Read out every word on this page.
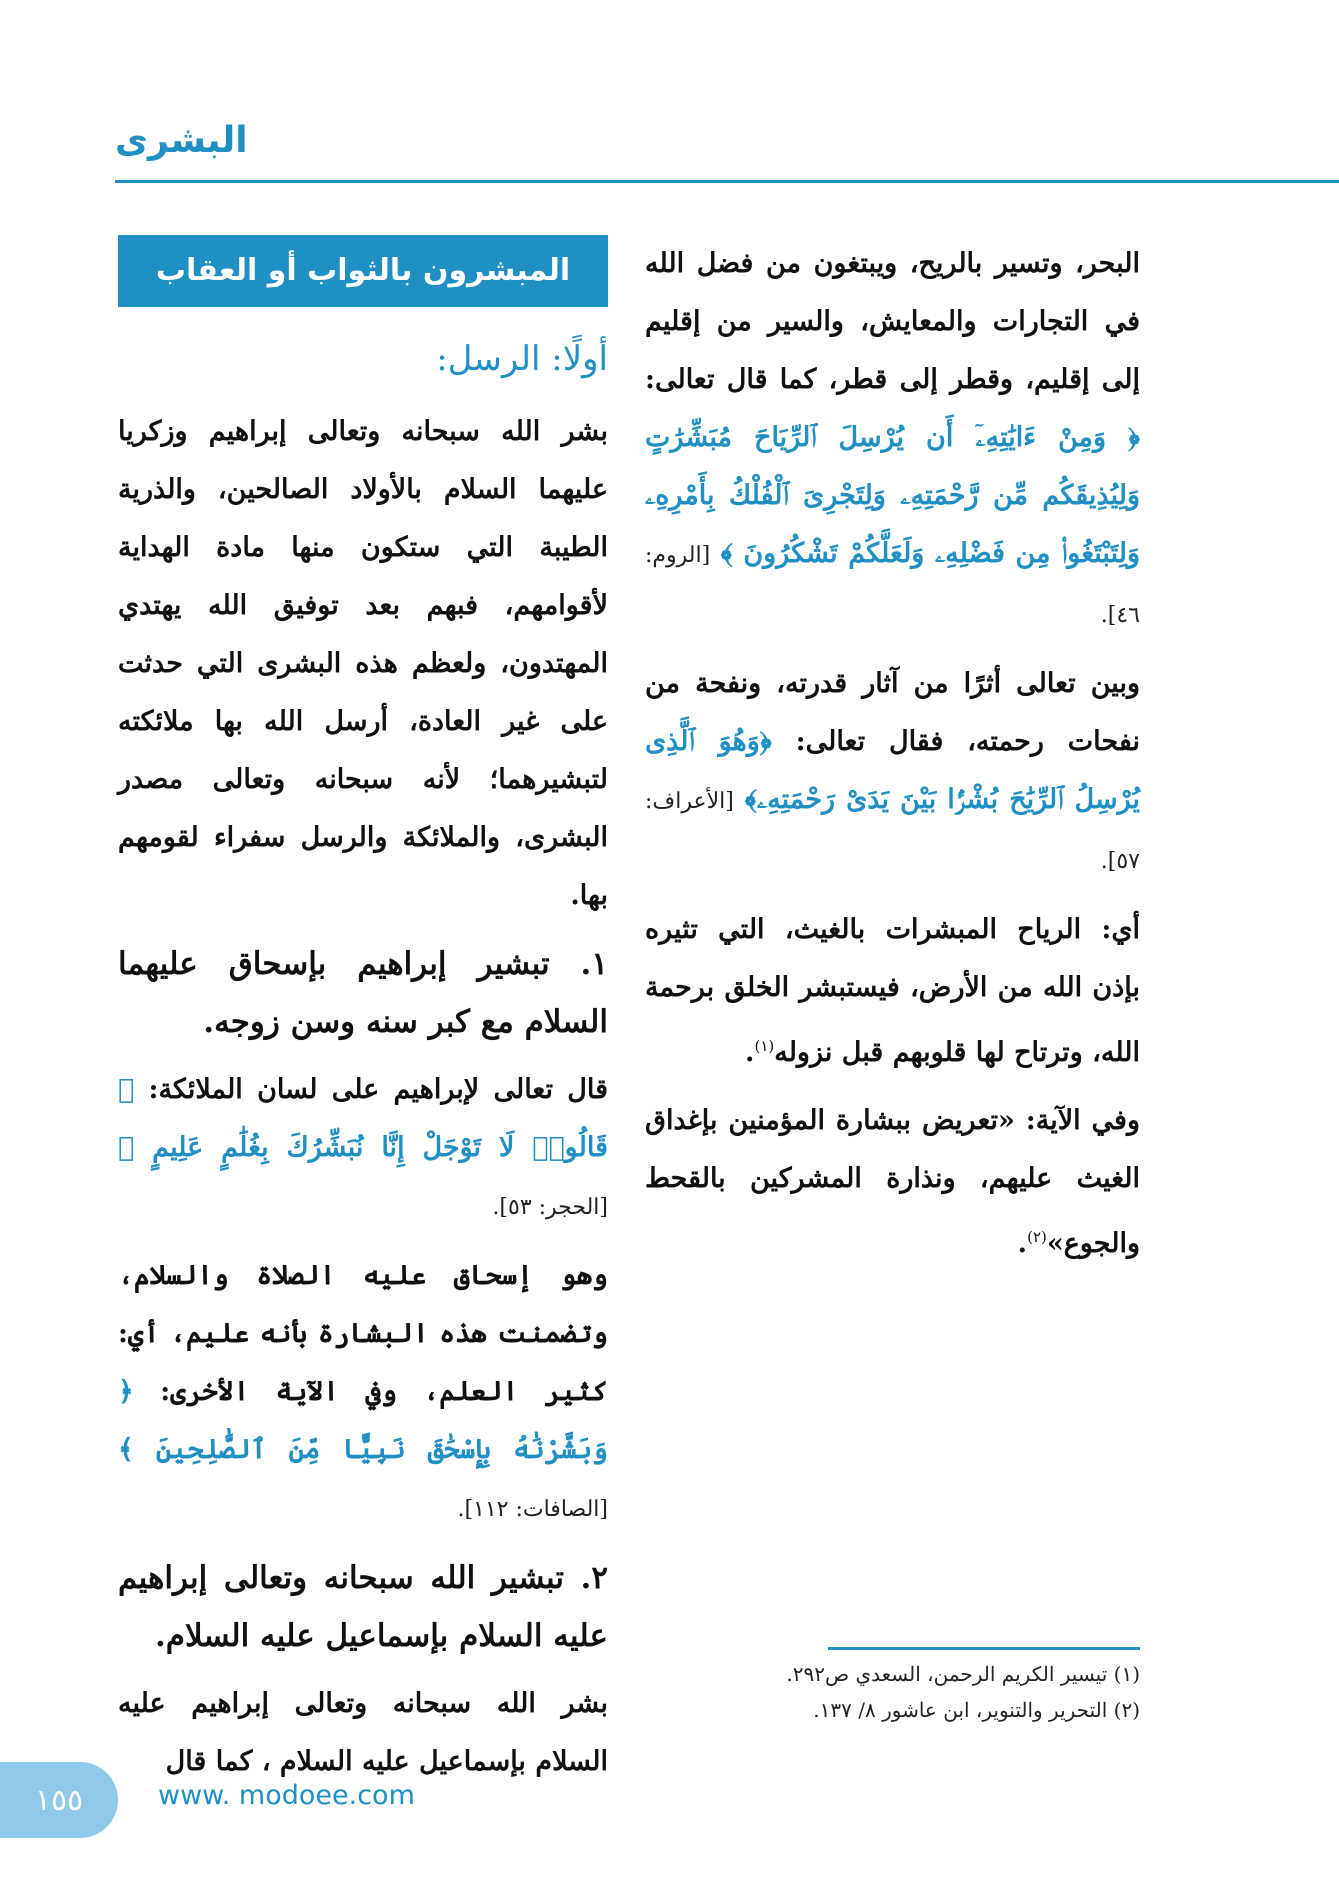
البشرى

البحر، وتسير بالريح، ويبتغون من فضل الله في التجارات والمعايش، والسير من إقليم إلى إقليم، وقطر إلى قطر، كما قال تعالى: ﴿ وَمِنْ ءَايَٰتِهِۦٓ أَن يُرْسِلَ ٱلرِّيَاحَ مُبَشِّرَٰتٍ وَلِيُذِيقَكُم مِّن رَّحْمَتِهِۦ وَلِتَجْرِىَ ٱلْفُلْكُ بِأَمْرِهِۦ وَلِتَبْتَغُوا۟ مِن فَضْلِهِۦ وَلَعَلَّكُمْ تَشْكُرُونَ ﴾ [الروم: ٤٦].

وبين تعالى أثرًا من آثار قدرته، ونفحة من نفحات رحمته، فقال تعالى: ﴿وَهُوَ ٱلَّذِى يُرْسِلُ ٱلرِّيَٰحَ بُشْرًۢا بَيْنَ يَدَىْ رَحْمَتِهِۦ﴾ [الأعراف: ٥٧].

أي: الرياح المبشرات بالغيث، التي تثيره بإذن الله من الأرض، فيستبشر الخلق برحمة الله، وترتاح لها قلوبهم قبل نزوله$^{(١)}$.

وفي الآية: «تعريض ببشارة المؤمنين بإغداق الغيث عليهم، ونذارة المشركين بالقحط والجوع»$^{(٢)}$.

المبشرون بالثواب أو العقاب
أولًا: الرسل:

بشر الله سبحانه وتعالى إبراهيم وزكريا عليهما السلام بالأولاد الصالحين، والذرية الطيبة التي ستكون منها مادة الهداية لأقوامهم، فبهم بعد توفيق الله يهتدي المهتدون، ولعظم هذه البشرى التي حدثت على غير العادة، أرسل الله بها ملائكته لتبشيرهما؛ لأنه سبحانه وتعالى مصدر البشرى، والملائكة والرسل سفراء لقومهم بها.

١. تبشير إبراهيم بإسحاق عليهما السلام مع كبر سنه وسن زوجه.

قال تعالى لإبراهيم على لسان الملائكة: ﴿ قَالُوا۟ لَا تَوْجَلْ إِنَّا نُبَشِّرُكَ بِغُلَٰمٍ عَلِيمٍ ﴾ [الحجر: ٥٣].

وهو إسحاق عليه الصلاة والسلام، وتضمنت هذه البشارة بأنه عليم، أي: كثير العلم، وفي الآية الأخرى: ﴿ وَبَشَّرْنَٰهُ بِإِسْحَٰقَ نَبِيًّا مِّنَ ٱلصَّٰلِحِينَ ﴾ [الصافات: ١١٢].

٢. تبشير الله سبحانه وتعالى إبراهيم عليه السلام بإسماعيل عليه السلام.

بشر الله سبحانه وتعالى إبراهيم عليه السلام بإسماعيل عليه السلام ، كما قال

(١) تيسير الكريم الرحمن، السعدي ص٢٩٢.
(٢) التحرير والتنوير، ابن عاشور ٨/ ١٣٧.
١٥٥	www. modoee.com
